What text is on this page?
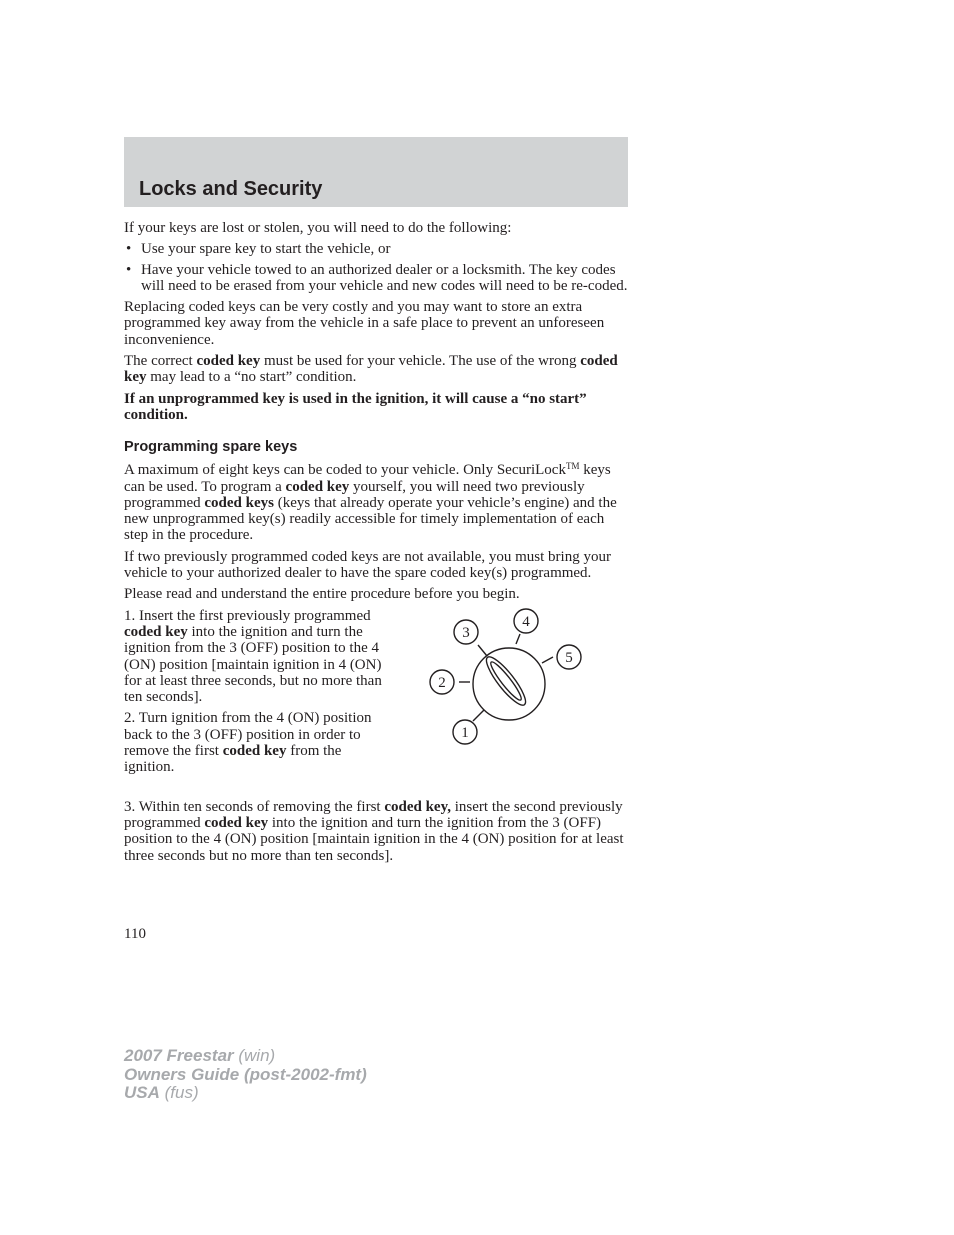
Locks and Security

If your keys are lost or stolen, you will need to do the following:

• Use your spare key to start the vehicle, or
• Have your vehicle towed to an authorized dealer or a locksmith. The key codes will need to be erased from your vehicle and new codes will need to be re-coded.

Replacing coded keys can be very costly and you may want to store an extra programmed key away from the vehicle in a safe place to prevent an unforeseen inconvenience.

The correct coded key must be used for your vehicle. The use of the wrong coded key may lead to a “no start” condition.

If an unprogrammed key is used in the ignition, it will cause a “no start” condition.

Programming spare keys

A maximum of eight keys can be coded to your vehicle. Only SecuriLock™ keys can be used. To program a coded key yourself, you will need two previously programmed coded keys (keys that already operate your vehicle’s engine) and the new unprogrammed key(s) readily accessible for timely implementation of each step in the procedure.

If two previously programmed coded keys are not available, you must bring your vehicle to your authorized dealer to have the spare coded key(s) programmed.

Please read and understand the entire procedure before you begin.

1. Insert the first previously programmed coded key into the ignition and turn the ignition from the 3 (OFF) position to the 4 (ON) position [maintain ignition in 4 (ON) for at least three seconds, but no more than ten seconds].

2. Turn ignition from the 4 (ON) position back to the 3 (OFF) position in order to remove the first coded key from the ignition.

1
2
3
4
5

3. Within ten seconds of removing the first coded key, insert the second previously programmed coded key into the ignition and turn the ignition from the 3 (OFF) position to the 4 (ON) position [maintain ignition in the 4 (ON) position for at least three seconds but no more than ten seconds].

110
2007 Freestar (win)
Owners Guide (post-2002-fmt)
USA (fus)
